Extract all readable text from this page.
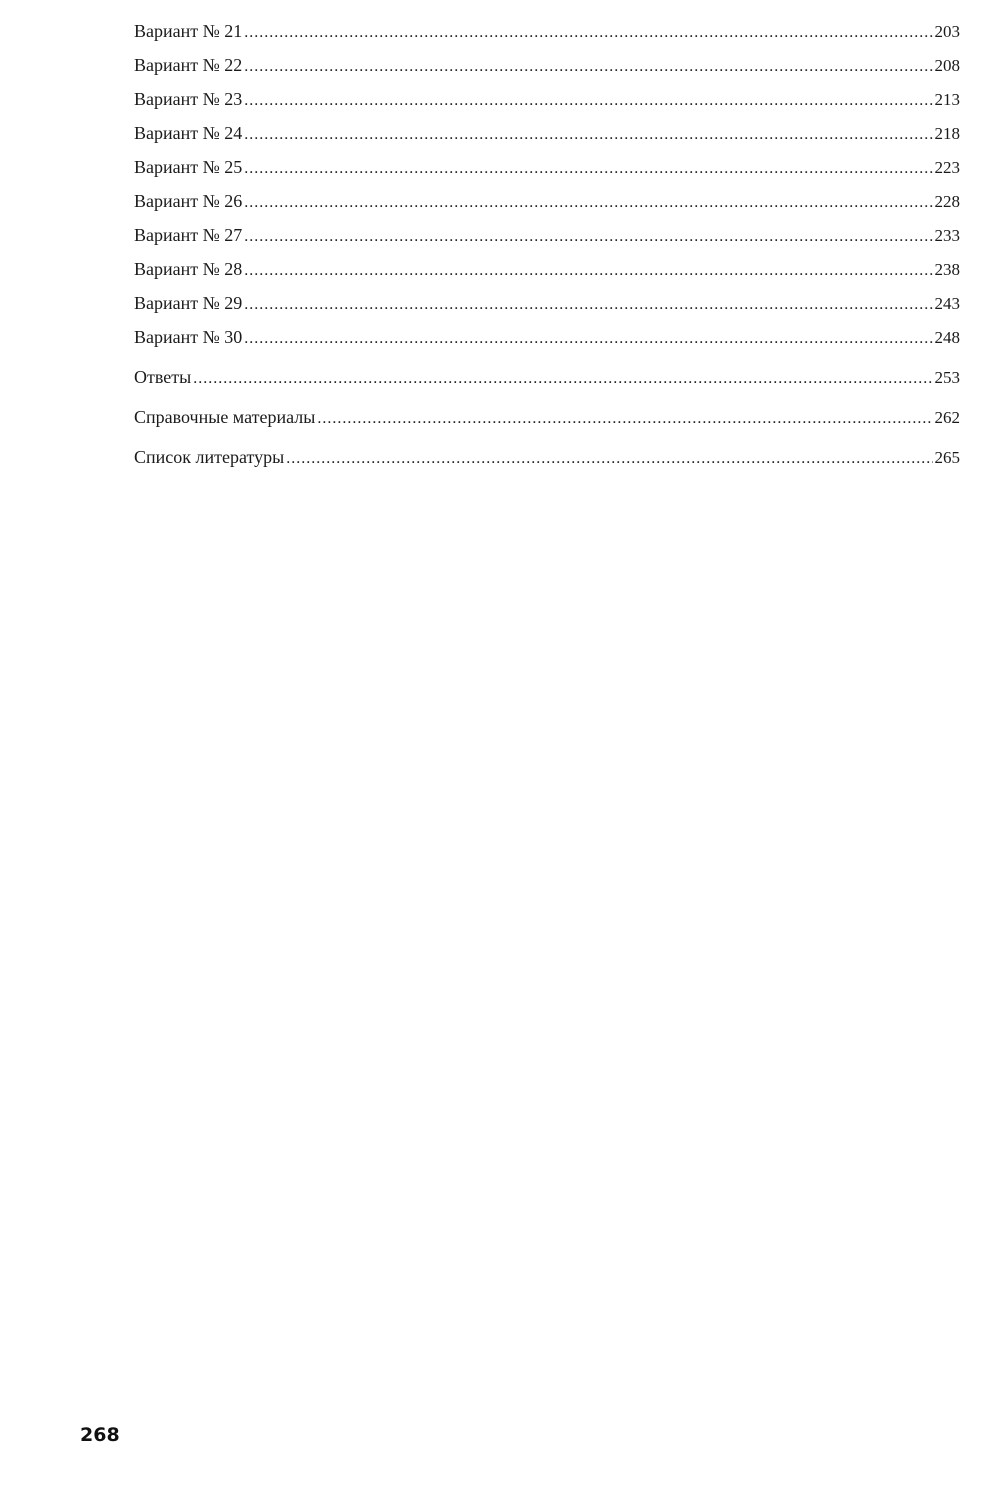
Вариант № 21 .....	203
Вариант № 22 .....	208
Вариант № 23 .....	213
Вариант № 24 .....	218
Вариант № 25 .....	223
Вариант № 26 .....	228
Вариант № 27 .....	233
Вариант № 28 .....	238
Вариант № 29 .....	243
Вариант № 30 .....	248
Ответы .....	253
Справочные материалы .....	262
Список литературы .....	265
268
